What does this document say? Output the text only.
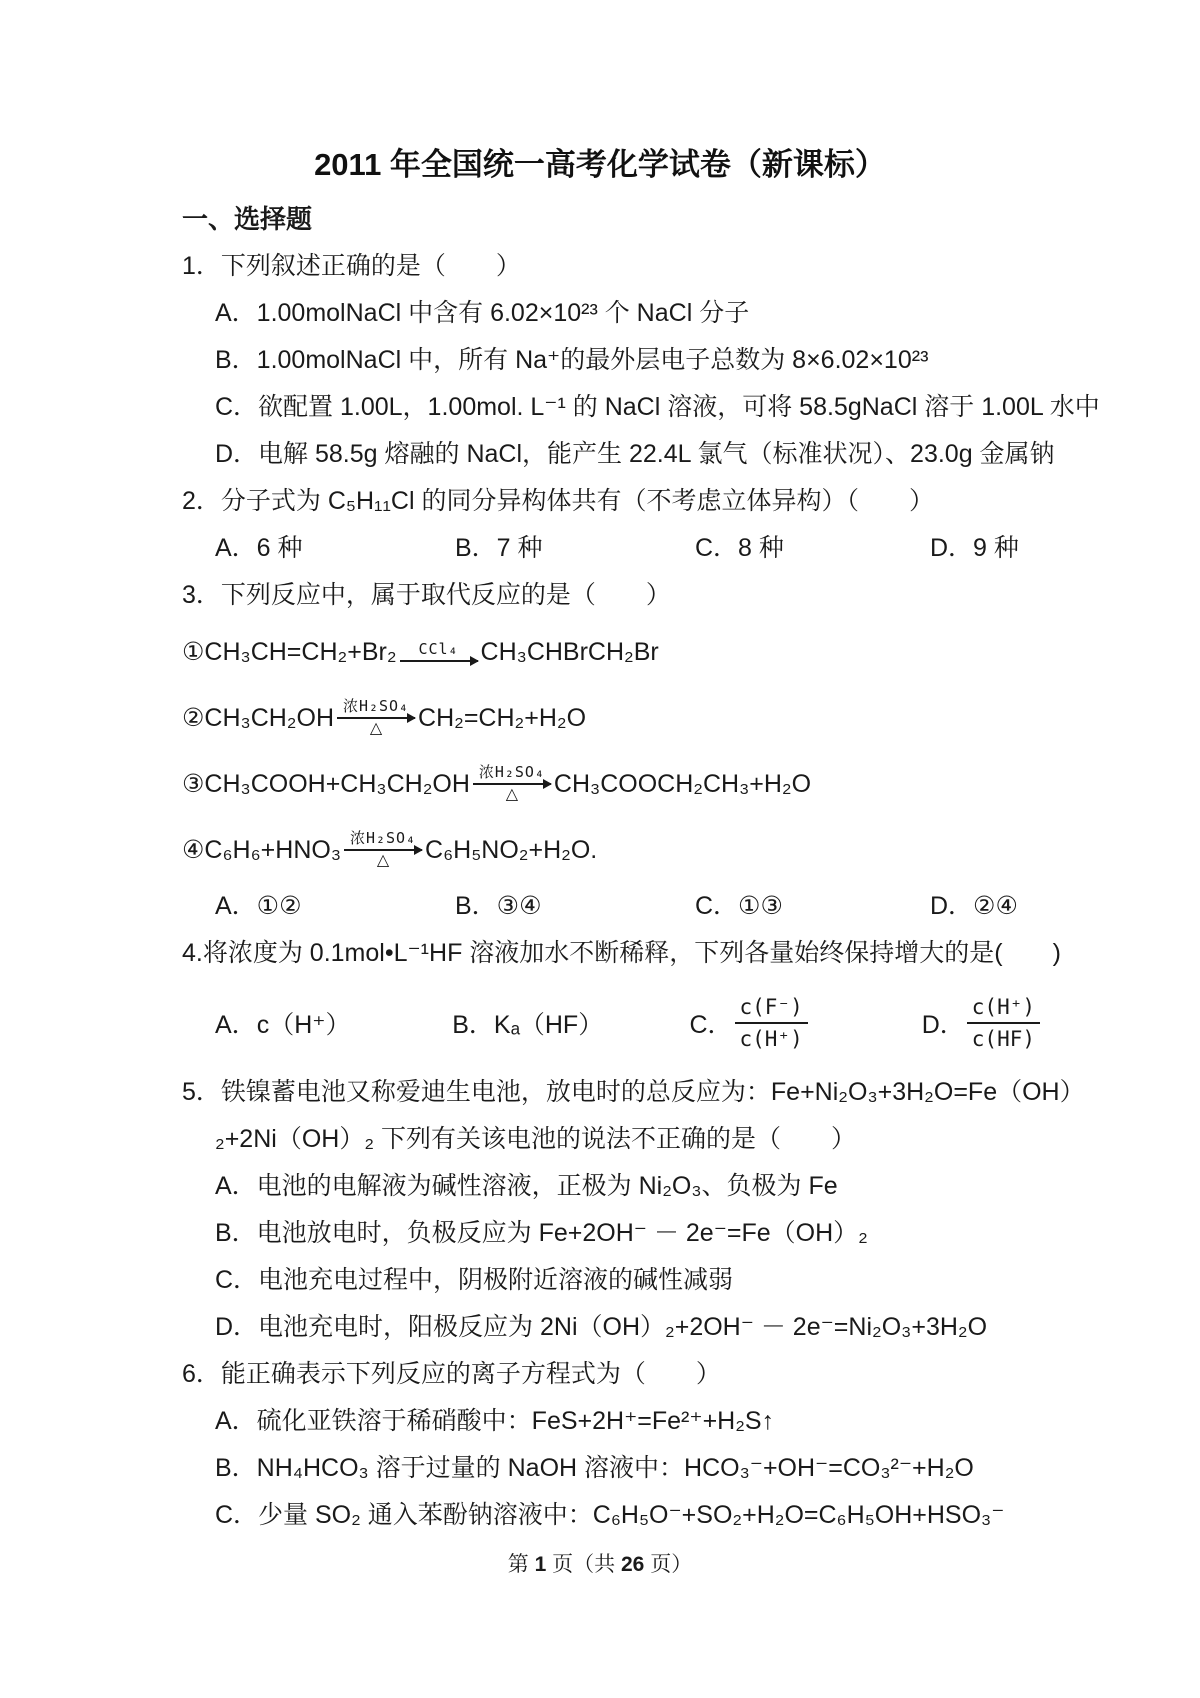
2011 年全国统一高考化学试卷（新课标）
一、选择题
1．下列叙述正确的是（　　）
A．1.00molNaCl 中含有 6.02×10²³ 个 NaCl 分子
B．1.00molNaCl 中，所有 Na⁺的最外层电子总数为 8×6.02×10²³
C．欲配置 1.00L，1.00mol. L⁻¹ 的 NaCl 溶液，可将 58.5gNaCl 溶于 1.00L 水中
D．电解 58.5g 熔融的 NaCl，能产生 22.4L 氯气（标准状况）、23.0g 金属钠
2．分子式为 C₅H₁₁Cl 的同分异构体共有（不考虑立体异构）（　　）
A．6 种	B．7 种	C．8 种	D．9 种
3．下列反应中，属于取代反应的是（　　）
①CH₃CH=CH₂+Br₂ CCl₄ CH₃CHBrCH₂Br
②CH₃CH₂OH 浓H₂SO₄
△ CH₂=CH₂+H₂O
③CH₃COOH+CH₃CH₂OH 浓H₂SO₄
△ CH₃COOCH₂CH₃+H₂O
④C₆H₆+HNO₃ 浓H₂SO₄
△ C₆H₅NO₂+H₂O.
A．①②	B．③④	C．①③	D．②④
4.将浓度为 0.1mol•L⁻¹HF 溶液加水不断稀释，下列各量始终保持增大的是(　　)
A． c（H⁺）	B． Kₐ（HF）	C． $\frac{c(F^-)}{c(H^+)}$	D． $\frac{c(H^+)}{c(HF)}$
5．铁镍蓄电池又称爱迪生电池，放电时的总反应为：Fe+Ni₂O₃+3H₂O=Fe（OH）
₂+2Ni（OH）₂ 下列有关该电池的说法不正确的是（　　）
A．电池的电解液为碱性溶液，正极为 Ni₂O₃、负极为 Fe
B．电池放电时，负极反应为 Fe+2OH⁻ － 2e⁻=Fe（OH）₂
C．电池充电过程中，阴极附近溶液的碱性减弱
D．电池充电时，阳极反应为 2Ni（OH）₂+2OH⁻ － 2e⁻=Ni₂O₃+3H₂O
6．能正确表示下列反应的离子方程式为（　　）
A．硫化亚铁溶于稀硝酸中：FeS+2H⁺=Fe²⁺+H₂S↑
B．NH₄HCO₃ 溶于过量的 NaOH 溶液中：HCO₃⁻+OH⁻=CO₃²⁻+H₂O
C．少量 SO₂ 通入苯酚钠溶液中：C₆H₅O⁻+SO₂+H₂O=C₆H₅OH+HSO₃⁻
第 1 页（共 26 页）
